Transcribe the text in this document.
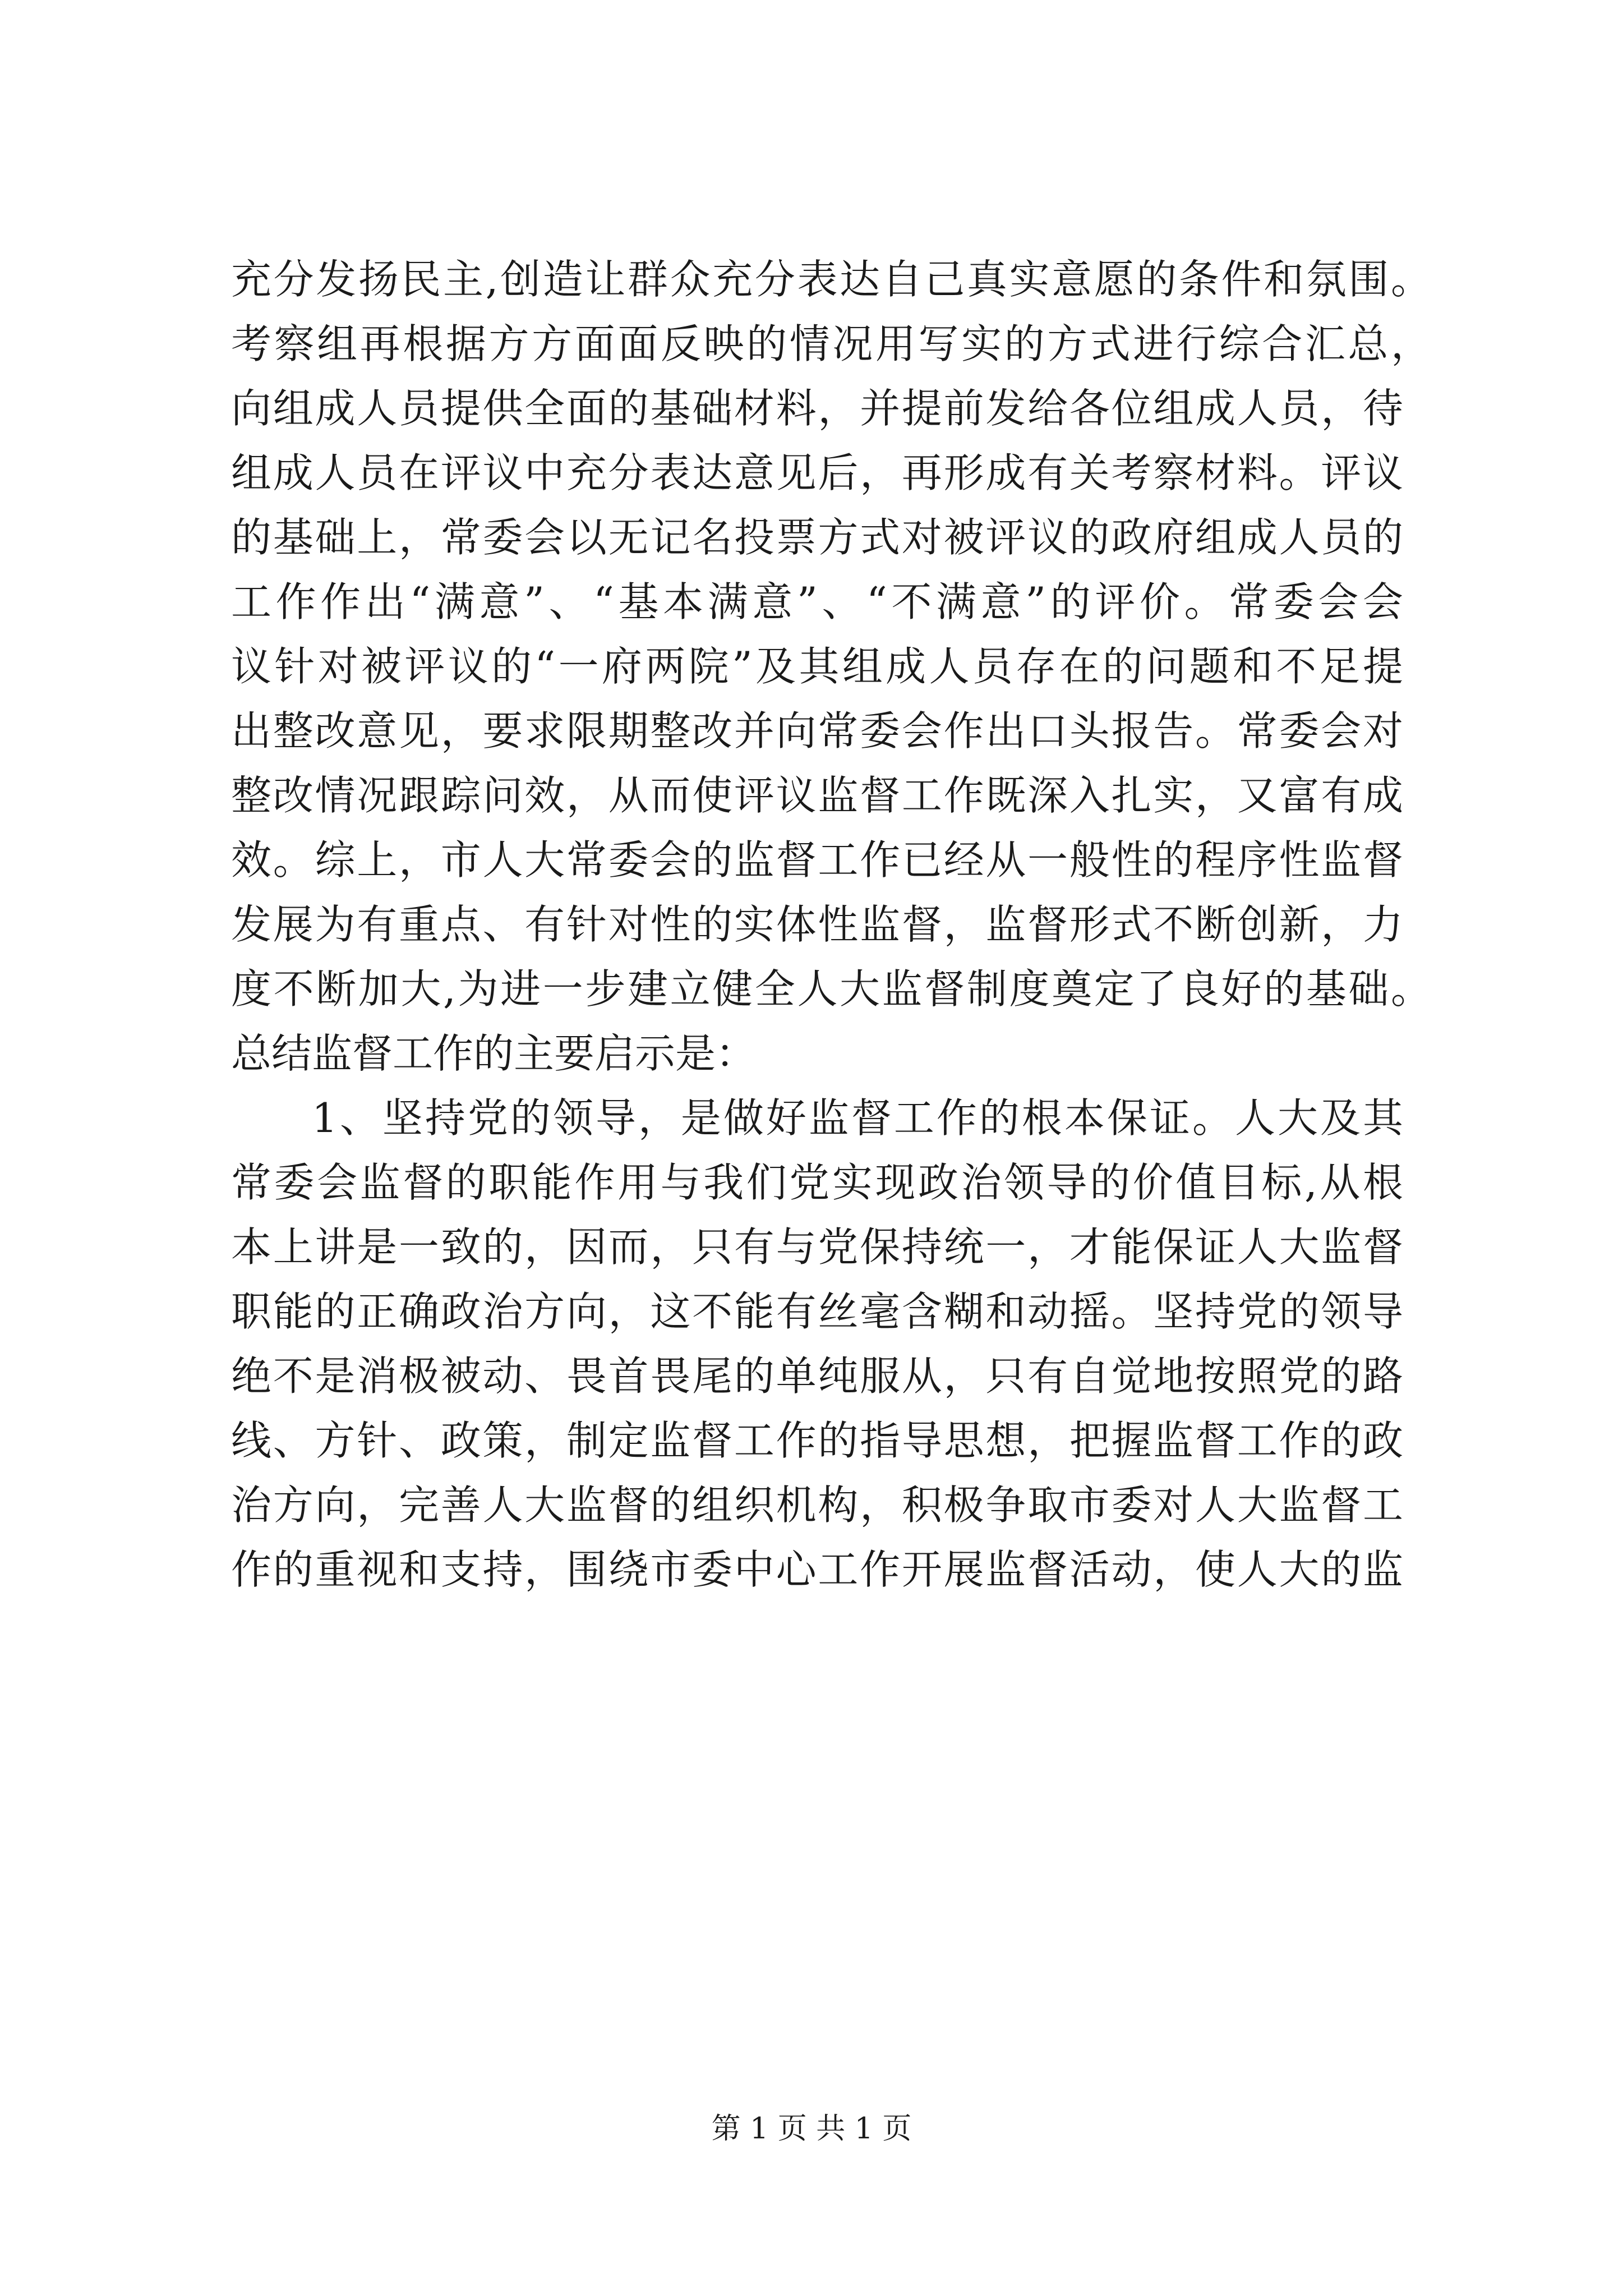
充分发扬民主,创造让群众充分表达自己真实意愿的条件和氛围。
考察组再根据方方面面反映的情况用写实的方式进行综合汇总，
向组成人员提供全面的基础材料，并提前发给各位组成人员，待
组成人员在评议中充分表达意见后，再形成有关考察材料。评议
的基础上，常委会以无记名投票方式对被评议的政府组成人员的
工作作出“满意”、“基本满意”、“不满意”的评价。常委会会
议针对被评议的“一府两院”及其组成人员存在的问题和不足提
出整改意见，要求限期整改并向常委会作出口头报告。常委会对
整改情况跟踪问效，从而使评议监督工作既深入扎实，又富有成
效。综上，市人大常委会的监督工作已经从一般性的程序性监督
发展为有重点、有针对性的实体性监督，监督形式不断创新，力
度不断加大,为进一步建立健全人大监督制度奠定了良好的基础。
总结监督工作的主要启示是：
1、坚持党的领导，是做好监督工作的根本保证。人大及其
常委会监督的职能作用与我们党实现政治领导的价值目标,从根
本上讲是一致的，因而，只有与党保持统一，才能保证人大监督
职能的正确政治方向，这不能有丝毫含糊和动摇。坚持党的领导
绝不是消极被动、畏首畏尾的单纯服从，只有自觉地按照党的路
线、方针、政策，制定监督工作的指导思想，把握监督工作的政
治方向，完善人大监督的组织机构，积极争取市委对人大监督工
作的重视和支持，围绕市委中心工作开展监督活动，使人大的监
第 1 页 共 1 页
